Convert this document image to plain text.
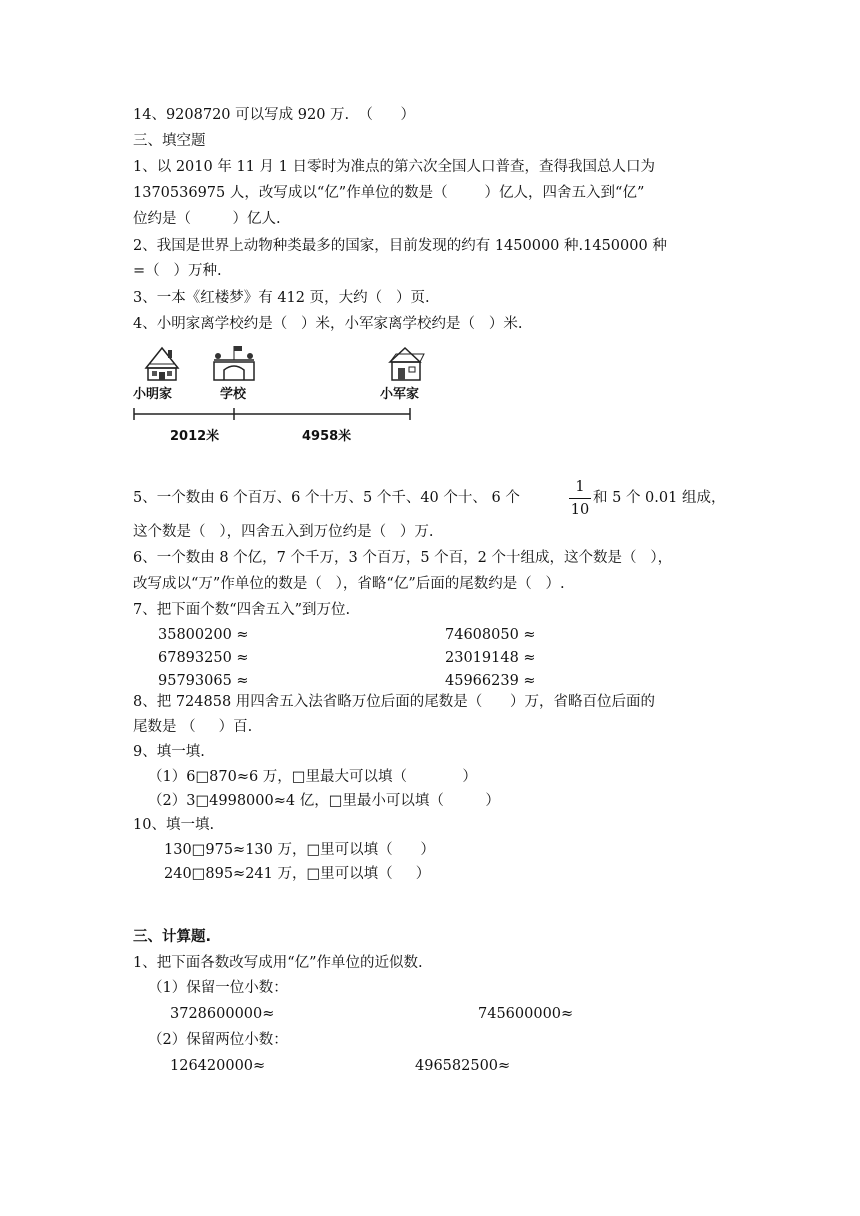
14、9208720 可以写成 920 万.  （      ）
三、填空题
1、以 2010 年 11 月 1 日零时为准点的第六次全国人口普查，查得我国总人口为
1370536975 人，改写成以“亿”作单位的数是（        ）亿人，四舍五入到“亿”
位约是（         ）亿人.
2、我国是世界上动物种类最多的国家，目前发现的约有 1450000 种.1450000 种
=（   ）万种.
3、一本《红楼梦》有 412 页，大约（   ）页.
4、小明家离学校约是（   ）米，小军家离学校约是（   ）米.
小明家	学校	小军家
2012米	4958米
5、一个数由 6 个百万、6 个十万、5 个千、40 个十、 6 个
1
10
和 5 个 0.01 组成，
这个数是（   ），四舍五入到万位约是（   ）万.
6、一个数由 8 个亿，7 个千万，3 个百万，5 个百，2 个十组成，这个数是（   ），
改写成以“万”作单位的数是（   ），省略“亿”后面的尾数约是（   ）.
7、把下面个数“四舍五入”到万位.
35800200 ≈	74608050 ≈
67893250 ≈	23019148 ≈
95793065 ≈	45966239 ≈
8、把 724858 用四舍五入法省略万位后面的尾数是（      ）万，省略百位后面的
尾数是 （     ）百.
9、填一填.
（1）6□870≈6 万，□里最大可以填（            ）
（2）3□4998000≈4 亿，□里最小可以填（         ）
10、填一填.
130□975≈130 万，□里可以填（      ）
240□895≈241 万，□里可以填（     ）
三、计算题.
1、把下面各数改写成用“亿”作单位的近似数.
（1）保留一位小数：
3728600000≈	745600000≈
（2）保留两位小数：
126420000≈	496582500≈
